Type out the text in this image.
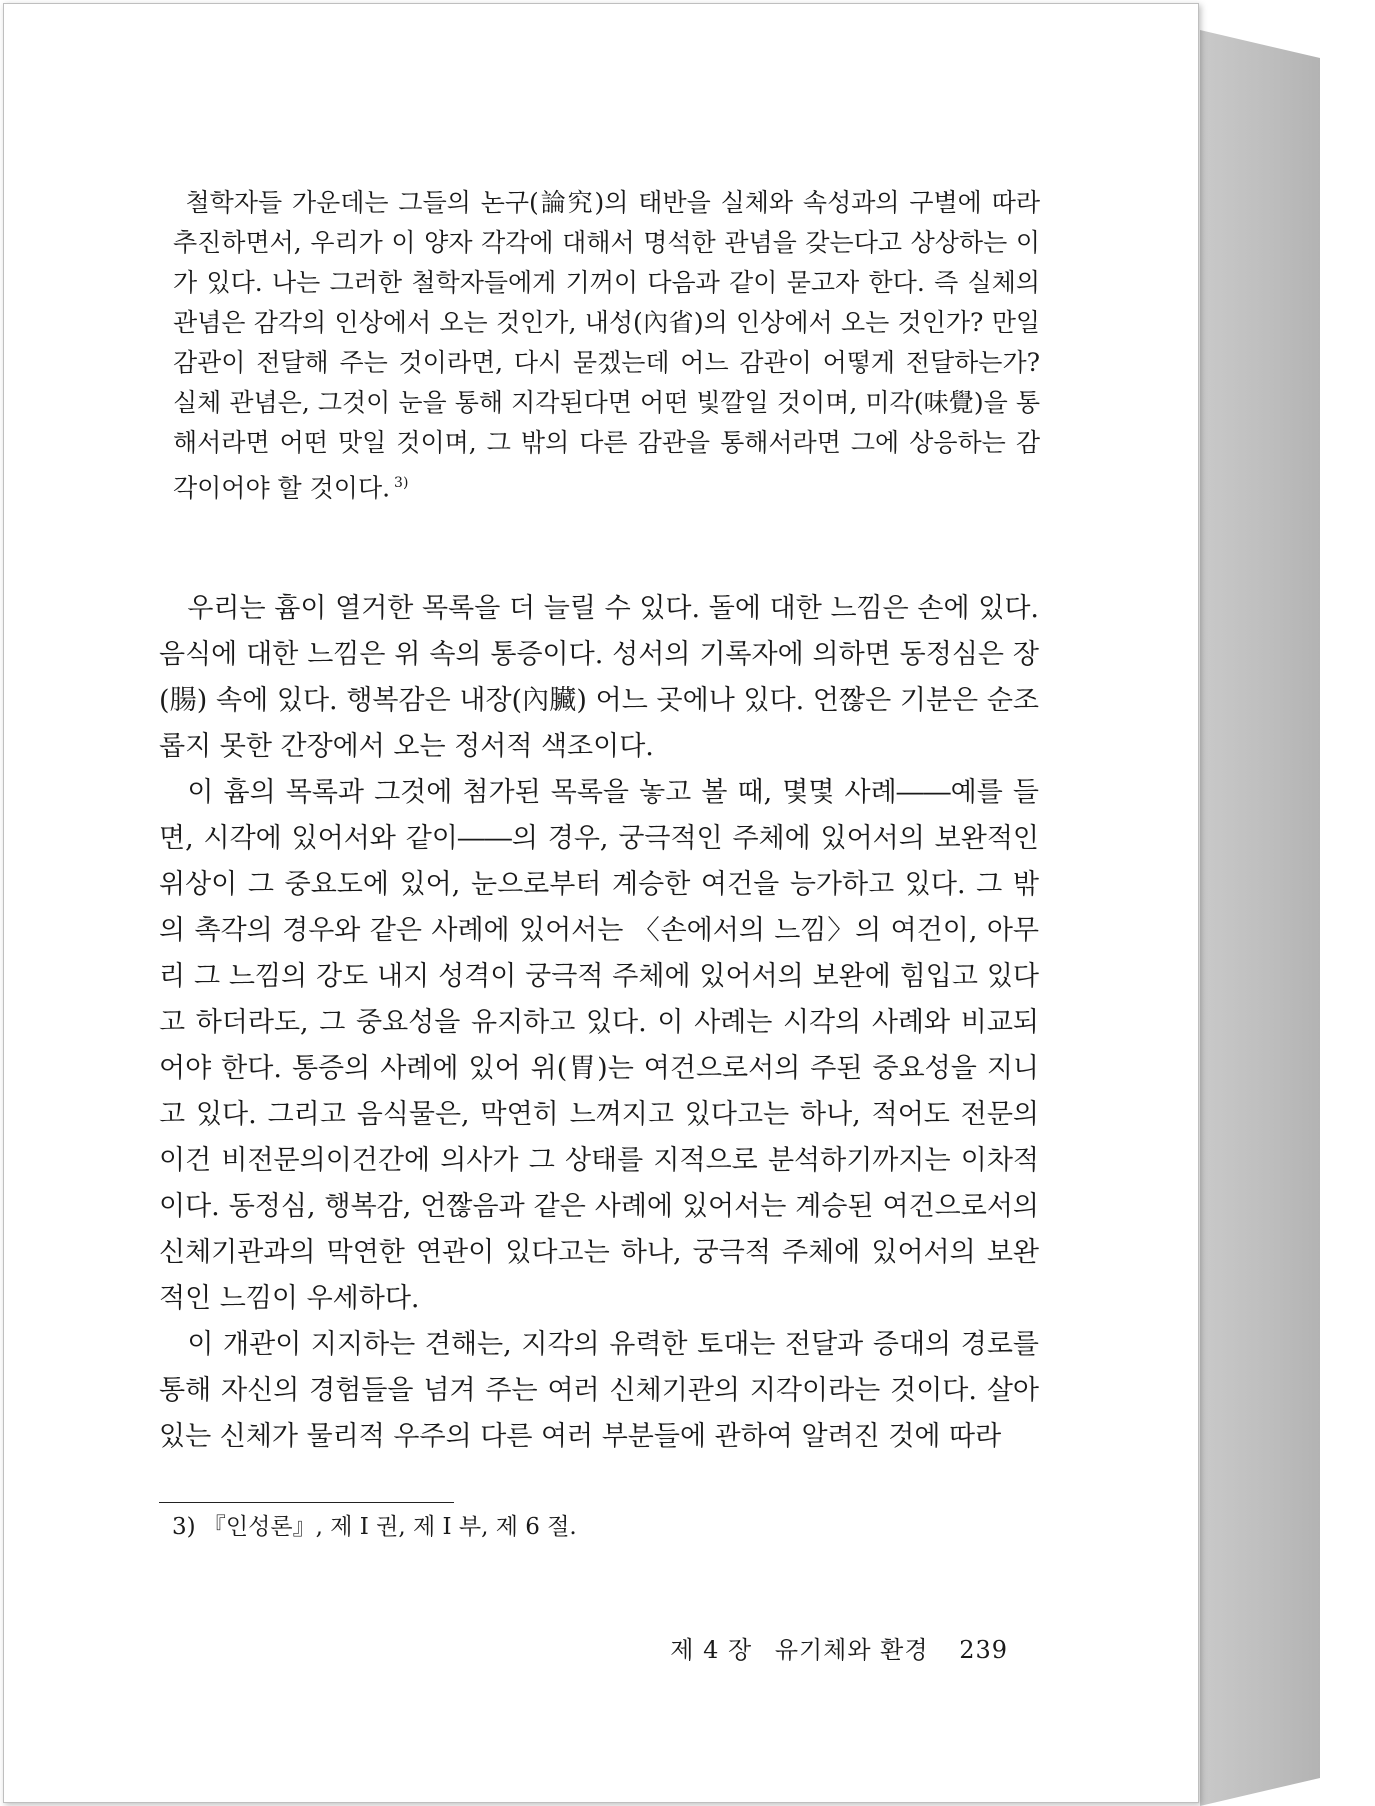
철학자들 가운데는 그들의 논구(論究)의 태반을 실체와 속성과의 구별에 따라 추진하면서, 우리가 이 양자 각각에 대해서 명석한 관념을 갖는다고 상상하는 이가 있다. 나는 그러한 철학자들에게 기꺼이 다음과 같이 묻고자 한다. 즉 실체의 관념은 감각의 인상에서 오는 것인가, 내성(內省)의 인상에서 오는 것인가? 만일 감관이 전달해 주는 것이라면, 다시 묻겠는데 어느 감관이 어떻게 전달하는가? 실체 관념은, 그것이 눈을 통해 지각된다면 어떤 빛깔일 것이며, 미각(味覺)을 통해서라면 어떤 맛일 것이며, 그 밖의 다른 감관을 통해서라면 그에 상응하는 감각이어야 할 것이다. $^{3)}$

우리는 흄이 열거한 목록을 더 늘릴 수 있다. 돌에 대한 느낌은 손에 있다. 음식에 대한 느낌은 위 속의 통증이다. 성서의 기록자에 의하면 동정심은 장(腸) 속에 있다. 행복감은 내장(內臟) 어느 곳에나 있다. 언짢은 기분은 순조롭지 못한 간장에서 오는 정서적 색조이다.

이 흄의 목록과 그것에 첨가된 목록을 놓고 볼 때, 몇몇 사례――예를 들면, 시각에 있어서와 같이――의 경우, 궁극적인 주체에 있어서의 보완적인 위상이 그 중요도에 있어, 눈으로부터 계승한 여건을 능가하고 있다. 그 밖의 촉각의 경우와 같은 사례에 있어서는 〈손에서의 느낌〉의 여건이, 아무리 그 느낌의 강도 내지 성격이 궁극적 주체에 있어서의 보완에 힘입고 있다고 하더라도, 그 중요성을 유지하고 있다. 이 사례는 시각의 사례와 비교되어야 한다. 통증의 사례에 있어 위(胃)는 여건으로서의 주된 중요성을 지니고 있다. 그리고 음식물은, 막연히 느껴지고 있다고는 하나, 적어도 전문의이건 비전문의이건간에 의사가 그 상태를 지적으로 분석하기까지는 이차적이다. 동정심, 행복감, 언짢음과 같은 사례에 있어서는 계승된 여건으로서의 신체기관과의 막연한 연관이 있다고는 하나, 궁극적 주체에 있어서의 보완적인 느낌이 우세하다.

이 개관이 지지하는 견해는, 지각의 유력한 토대는 전달과 증대의 경로를 통해 자신의 경험들을 넘겨 주는 여러 신체기관의 지각이라는 것이다. 살아 있는 신체가 물리적 우주의 다른 여러 부분들에 관하여 알려진 것에 따라

3) 『인성론』, 제 I 권, 제 I 부, 제 6 절.
제 4 장 유기체와 환경 239
